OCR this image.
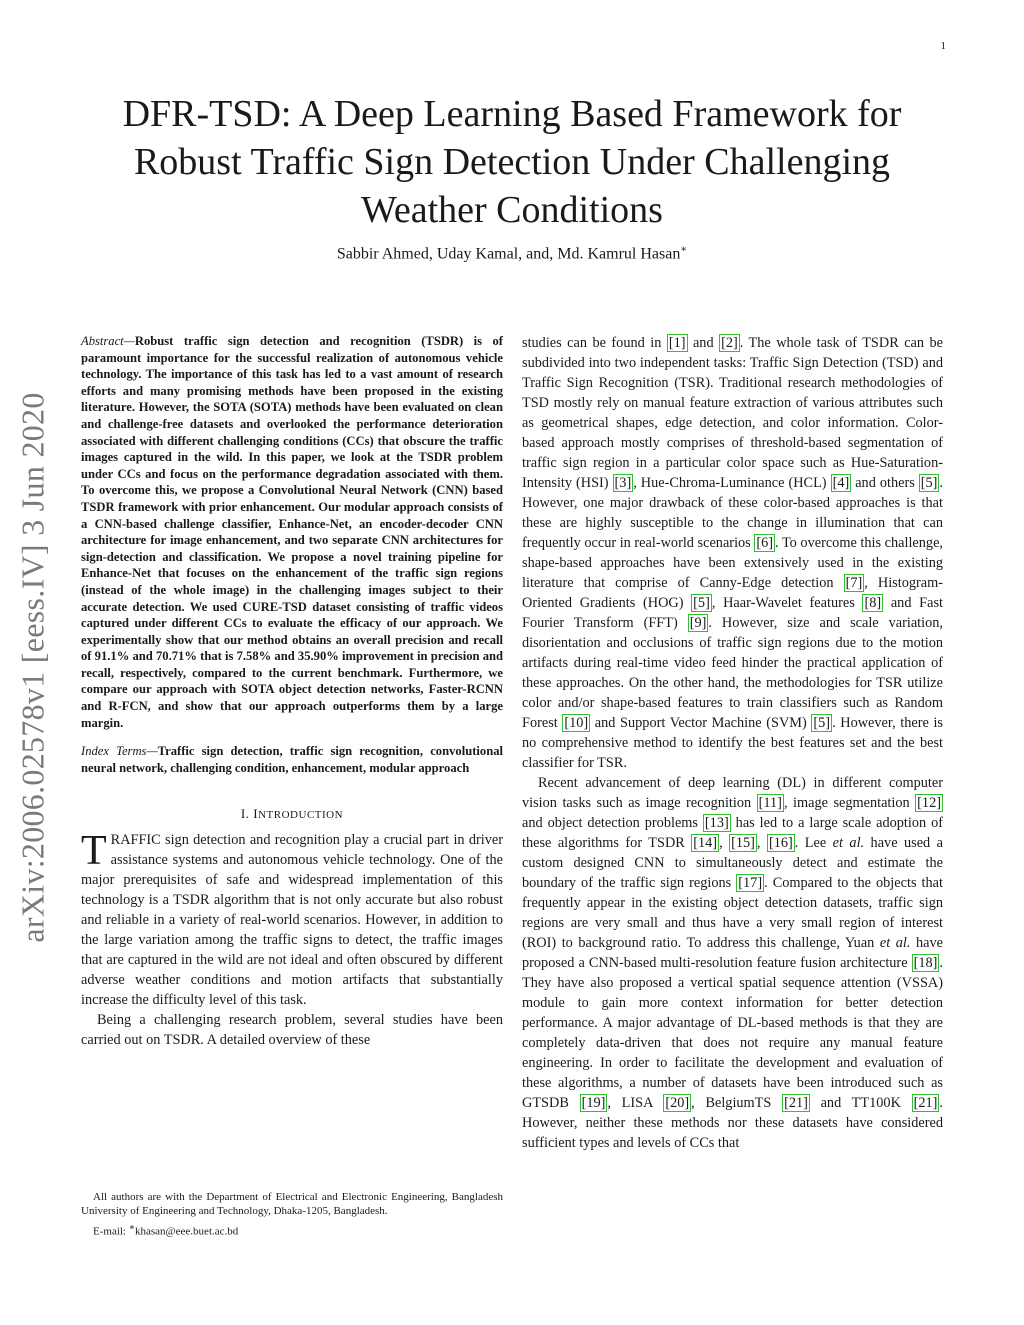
1
arXiv:2006.02578v1 [eess.IV] 3 Jun 2020
DFR-TSD: A Deep Learning Based Framework for Robust Traffic Sign Detection Under Challenging Weather Conditions
Sabbir Ahmed, Uday Kamal, and, Md. Kamrul Hasan∗

Abstract—Robust traffic sign detection and recognition (TSDR) is of paramount importance for the successful realization of autonomous vehicle technology. The importance of this task has led to a vast amount of research efforts and many promising methods have been proposed in the existing literature. However, the SOTA (SOTA) methods have been evaluated on clean and challenge-free datasets and overlooked the performance deterioration associated with different challenging conditions (CCs) that obscure the traffic images captured in the wild. In this paper, we look at the TSDR problem under CCs and focus on the performance degradation associated with them. To overcome this, we propose a Convolutional Neural Network (CNN) based TSDR framework with prior enhancement. Our modular approach consists of a CNN-based challenge classifier, Enhance-Net, an encoder-decoder CNN architecture for image enhancement, and two separate CNN architectures for sign-detection and classification. We propose a novel training pipeline for Enhance-Net that focuses on the enhancement of the traffic sign regions (instead of the whole image) in the challenging images subject to their accurate detection. We used CURE-TSD dataset consisting of traffic videos captured under different CCs to evaluate the efficacy of our approach. We experimentally show that our method obtains an overall precision and recall of 91.1% and 70.71% that is 7.58% and 35.90% improvement in precision and recall, respectively, compared to the current benchmark. Furthermore, we compare our approach with SOTA object detection networks, Faster-RCNN and R-FCN, and show that our approach outperforms them by a large margin.

Index Terms—Traffic sign detection, traffic sign recognition, convolutional neural network, challenging condition, enhancement, modular approach

I. INTRODUCTION

TRAFFIC sign detection and recognition play a crucial part in driver assistance systems and autonomous vehicle technology. One of the major prerequisites of safe and widespread implementation of this technology is a TSDR algorithm that is not only accurate but also robust and reliable in a variety of real-world scenarios. However, in addition to the large variation among the traffic signs to detect, the traffic images that are captured in the wild are not ideal and often obscured by different adverse weather conditions and motion artifacts that substantially increase the difficulty level of this task.

Being a challenging research problem, several studies have been carried out on TSDR. A detailed overview of these

studies can be found in [1] and [2] . The whole task of TSDR can be subdivided into two independent tasks: Traffic Sign Detection (TSD) and Traffic Sign Recognition (TSR). Traditional research methodologies of TSD mostly rely on manual feature extraction of various attributes such as geometrical shapes, edge detection, and color information. Color-based approach mostly comprises of threshold-based segmentation of traffic sign region in a particular color space such as Hue-Saturation-Intensity (HSI) [3] , Hue-Chroma-Luminance (HCL) [4] and others [5] . However, one major drawback of these color-based approaches is that these are highly susceptible to the change in illumination that can frequently occur in real-world scenarios [6] . To overcome this challenge, shape-based approaches have been extensively used in the existing literature that comprise of Canny-Edge detection [7] , Histogram-Oriented Gradients (HOG) [5] , Haar-Wavelet features [8] and Fast Fourier Transform (FFT) [9] . However, size and scale variation, disorientation and occlusions of traffic sign regions due to the motion artifacts during real-time video feed hinder the practical application of these approaches. On the other hand, the methodologies for TSR utilize color and/or shape-based features to train classifiers such as Random Forest [10] and Support Vector Machine (SVM) [5] . However, there is no comprehensive method to identify the best features set and the best classifier for TSR.

Recent advancement of deep learning (DL) in different computer vision tasks such as image recognition [11] , image segmentation [12] and object detection problems [13] has led to a large scale adoption of these algorithms for TSDR [14] , [15] , [16] . Lee et al. have used a custom designed CNN to simultaneously detect and estimate the boundary of the traffic sign regions [17] . Compared to the objects that frequently appear in the existing object detection datasets, traffic sign regions are very small and thus have a very small region of interest (ROI) to background ratio. To address this challenge, Yuan et al. have proposed a CNN-based multi-resolution feature fusion architecture [18] . They have also proposed a vertical spatial sequence attention (VSSA) module to gain more context information for better detection performance. A major advantage of DL-based methods is that they are completely data-driven that does not require any manual feature engineering. In order to facilitate the development and evaluation of these algorithms, a number of datasets have been introduced such as GTSDB [19] , LISA [20] , BelgiumTS [21] and TT100K [21] . However, neither these methods nor these datasets have considered sufficient types and levels of CCs that

All authors are with the Department of Electrical and Electronic Engineering, Bangladesh University of Engineering and Technology, Dhaka-1205, Bangladesh.

E-mail: ∗khasan@eee.buet.ac.bd
